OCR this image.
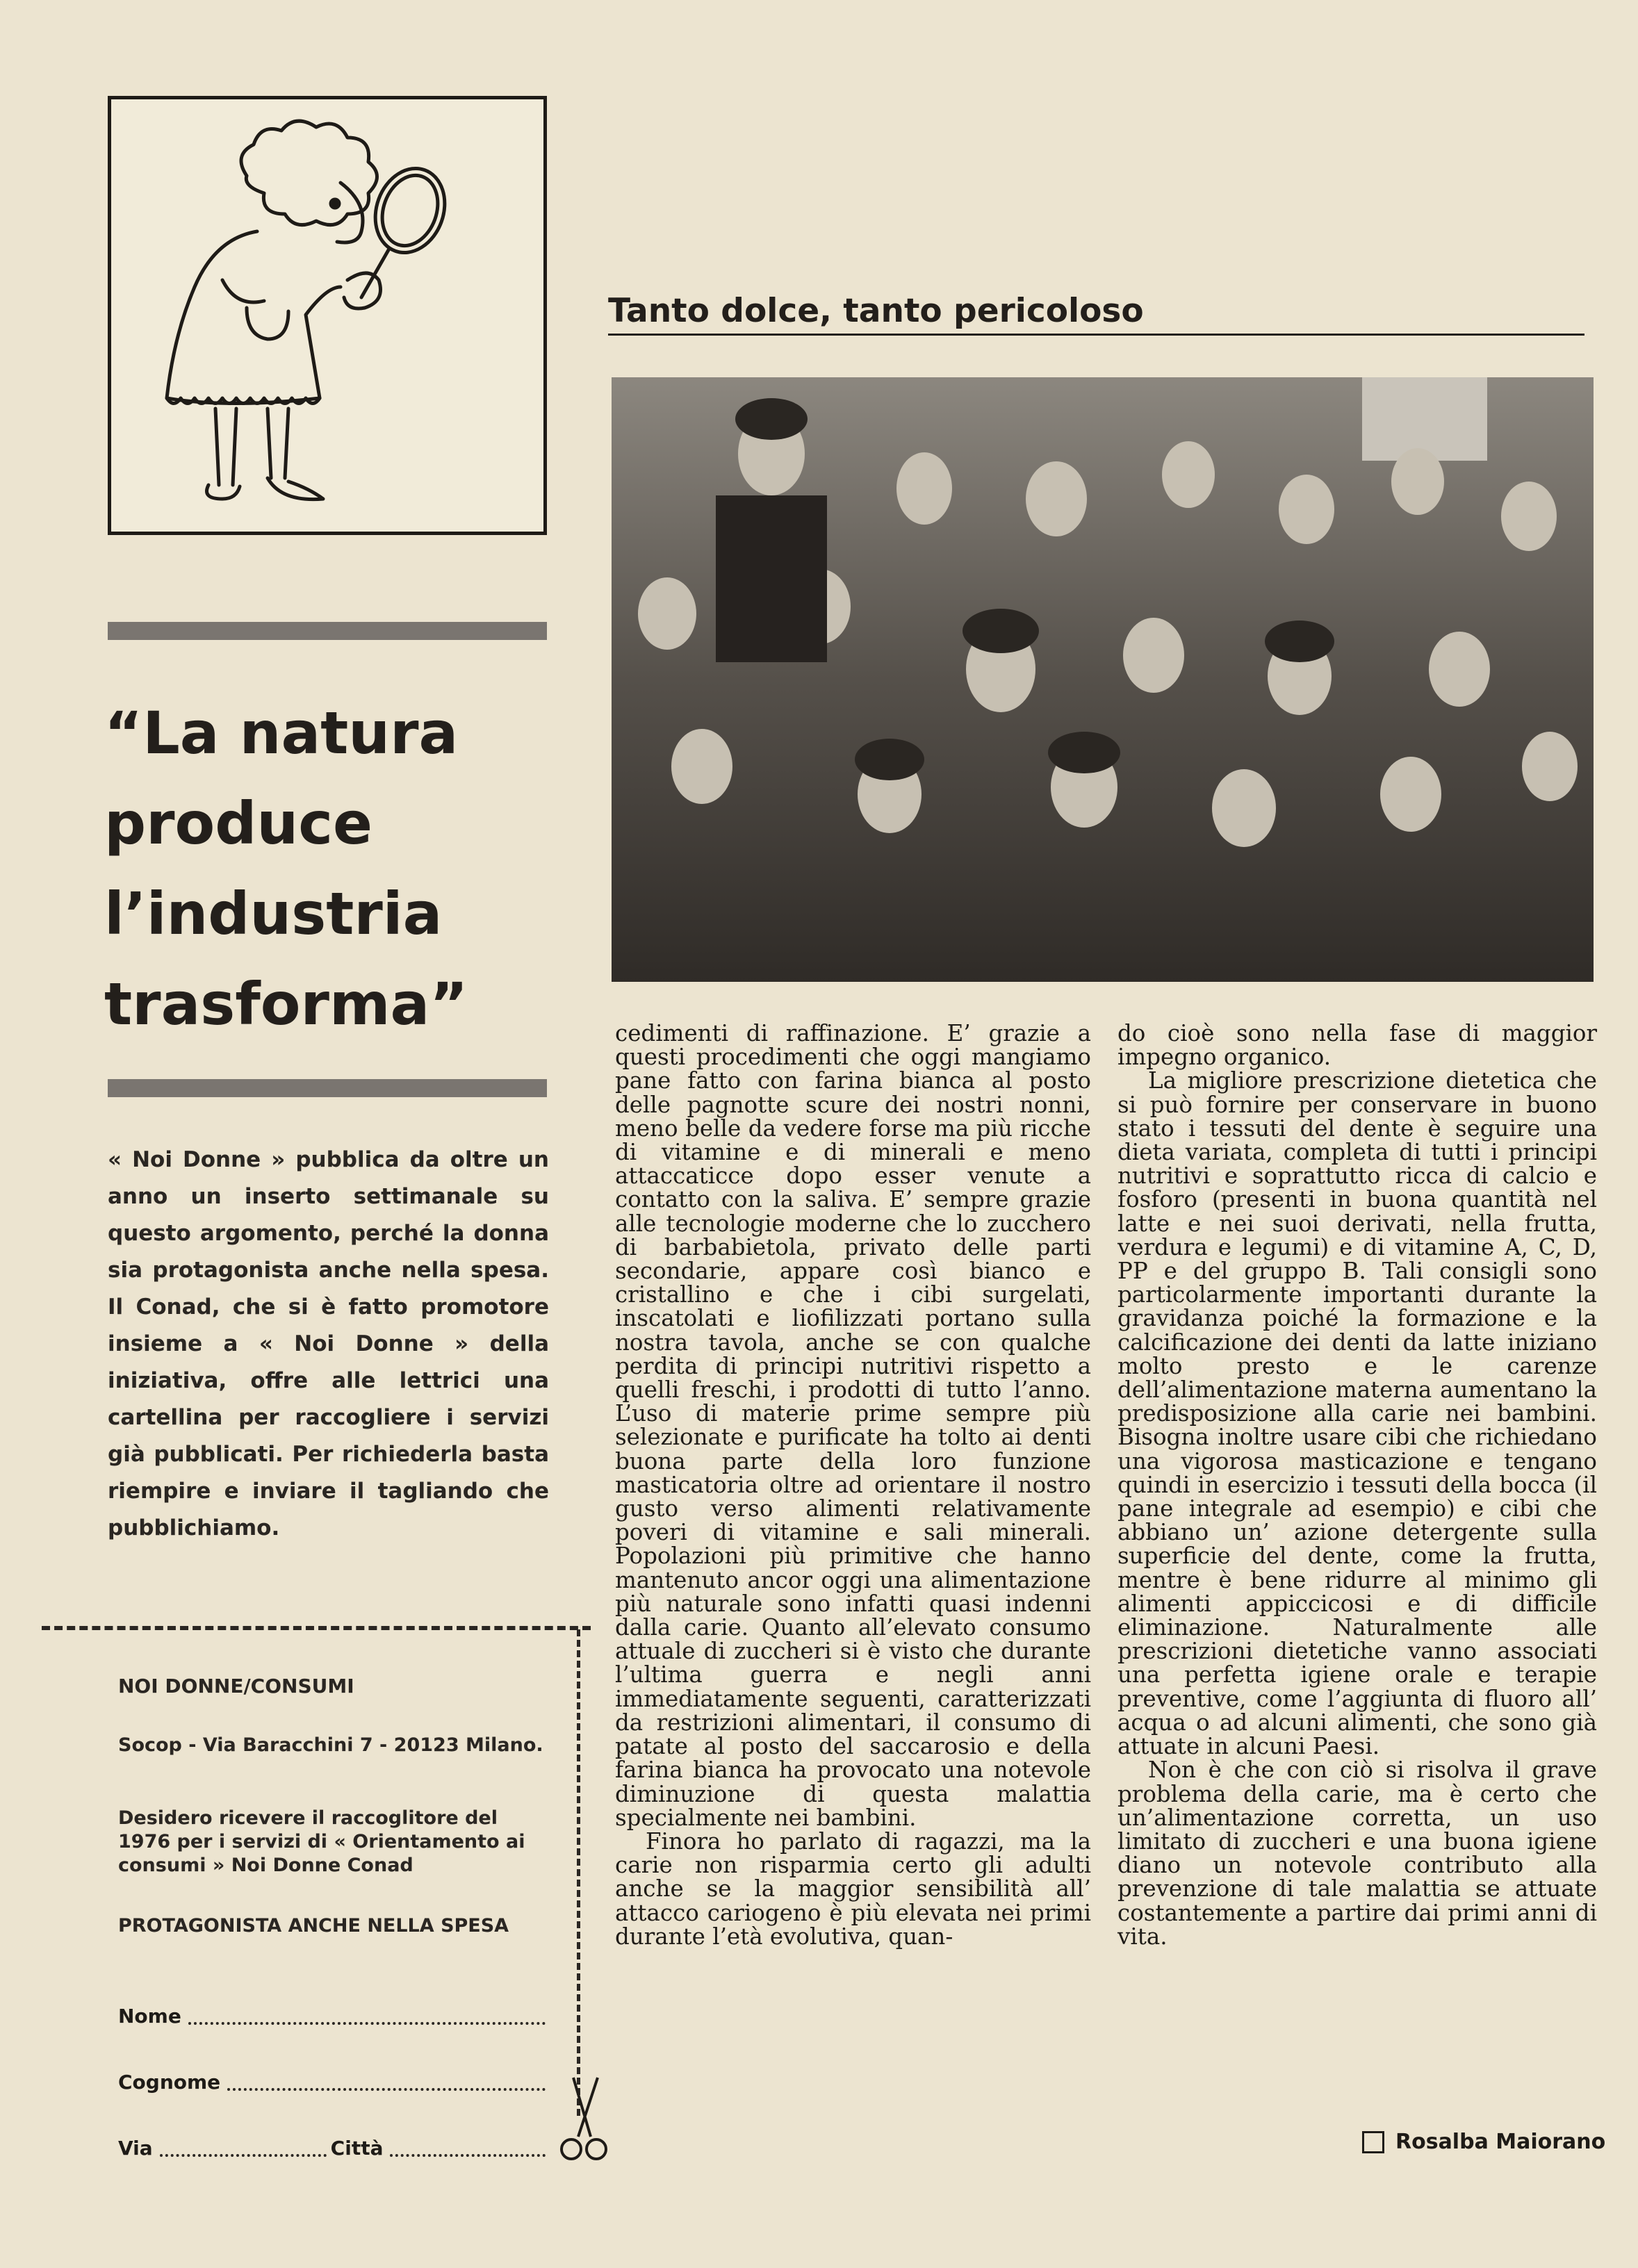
“La natura
produce
l’industria
trasforma”
« Noi Donne » pubblica da oltre un anno un inserto settimanale su questo argomento, perché la donna sia protagonista anche nella spesa. Il Conad, che si è fatto promotore insieme a « Noi Donne » della iniziativa, offre alle lettrici una cartellina per raccogliere i servizi già pubblicati. Per richiederla basta riempire e inviare il tagliando che pubblichiamo.
NOI DONNE/CONSUMI
Socop - Via Baracchini 7 - 20123 Milano.
Desidero ricevere il raccoglitore del 1976 per i servizi di « Orientamento ai consumi » Noi Donne Conad
PROTAGONISTA ANCHE NELLA SPESA
Nome
Cognome
Via	Città
Tanto dolce, tanto pericoloso

cedimenti di raffinazione. E’ grazie a questi procedimenti che oggi mangiamo pane fatto con farina bianca al posto delle pagnotte scure dei nostri nonni, meno belle da vedere forse ma più ricche di vitamine e di minerali e meno attaccaticce dopo esser venute a contatto con la saliva. E’ sempre grazie alle tecnologie moderne che lo zucchero di barbabietola, privato delle parti secondarie, appare così bianco e cristallino e che i cibi surgelati, inscatolati e liofilizzati portano sulla nostra tavola, anche se con qualche perdita di principi nutritivi rispetto a quelli freschi, i prodotti di tutto l’anno. L’uso di materie prime sempre più selezionate e purificate ha tolto ai denti buona parte della loro funzione masticatoria oltre ad orientare il nostro gusto verso alimenti relativamente poveri di vitamine e sali minerali. Popolazioni più primitive che hanno mantenuto ancor oggi una alimentazione più naturale sono infatti quasi indenni dalla carie. Quanto all’elevato consumo attuale di zuccheri si è visto che durante l’ultima guerra e negli anni immediatamente seguenti, caratterizzati da restrizioni alimentari, il consumo di patate al posto del saccarosio e della farina bianca ha provocato una notevole diminuzione di questa malattia specialmente nei bambini.

Finora ho parlato di ragazzi, ma la carie non risparmia certo gli adulti anche se la maggior sensibilità all’ attacco cariogeno è più elevata nei primi durante l’età evolutiva, quan-

do cioè sono nella fase di maggior impegno organico.

La migliore prescrizione dietetica che si può fornire per conservare in buono stato i tessuti del dente è seguire una dieta variata, completa di tutti i principi nutritivi e soprattutto ricca di calcio e fosforo (presenti in buona quantità nel latte e nei suoi derivati, nella frutta, verdura e legumi) e di vitamine A, C, D, PP e del gruppo B. Tali consigli sono particolarmente importanti durante la gravidanza poiché la formazione e la calcificazione dei denti da latte iniziano molto presto e le carenze dell’alimentazione materna aumentano la predisposizione alla carie nei bambini. Bisogna inoltre usare cibi che richiedano una vigorosa masticazione e tengano quindi in esercizio i tessuti della bocca (il pane integrale ad esempio) e cibi che abbiano un’ azione detergente sulla superficie del dente, come la frutta, mentre è bene ridurre al minimo gli alimenti appiccicosi e di difficile eliminazione. Naturalmente alle prescrizioni dietetiche vanno associati una perfetta igiene orale e terapie preventive, come l’aggiunta di fluoro all’ acqua o ad alcuni alimenti, che sono già attuate in alcuni Paesi.

Non è che con ciò si risolva il grave problema della carie, ma è certo che un’alimentazione corretta, un uso limitato di zuccheri e una buona igiene diano un notevole contributo alla prevenzione di tale malattia se attuate costantemente a partire dai primi anni di vita.

Rosalba Maiorano
